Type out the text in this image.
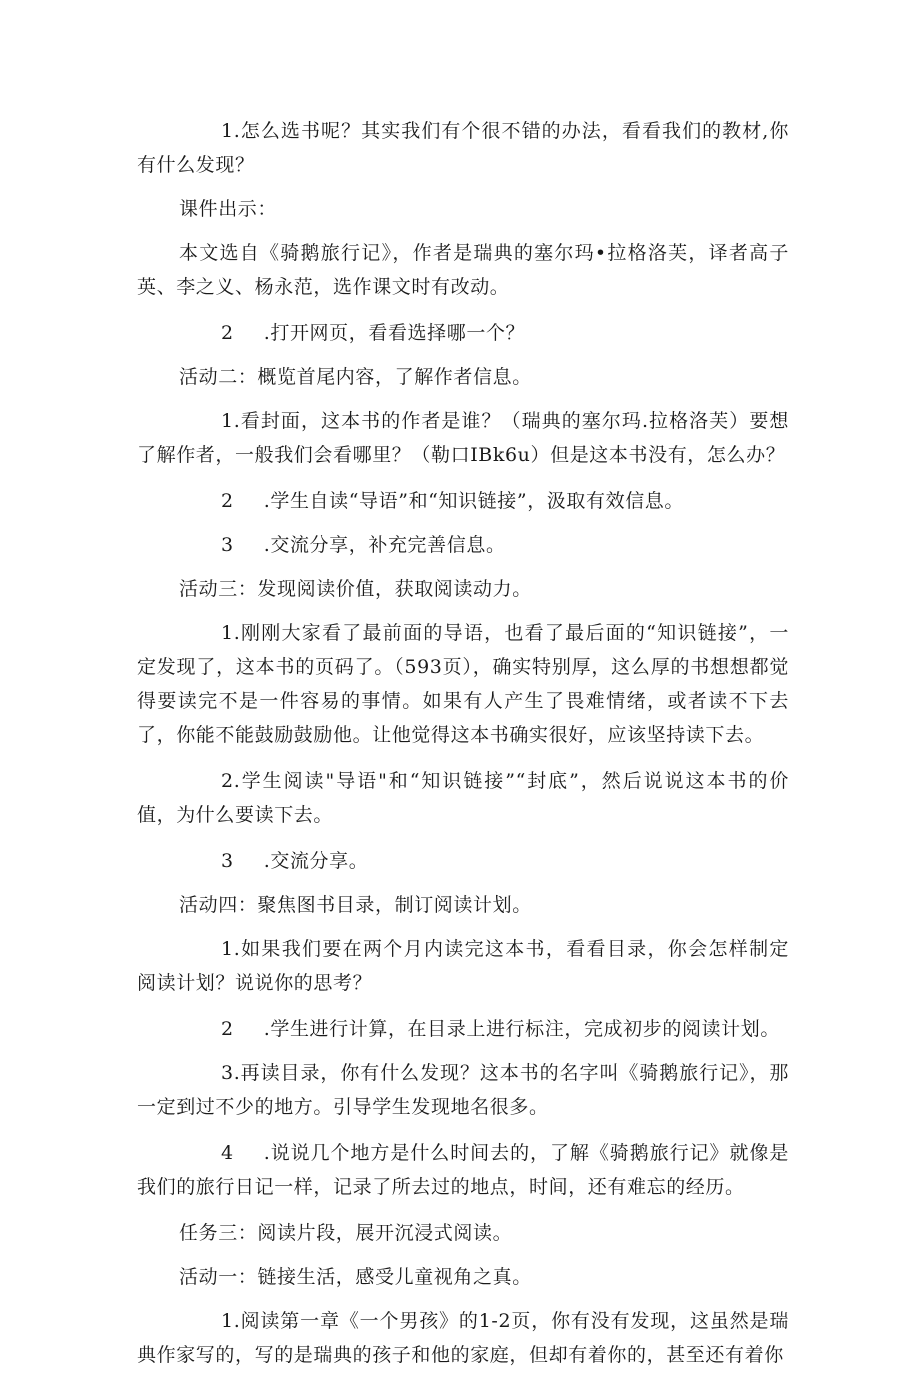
1.怎么选书呢？其实我们有个很不错的办法，看看我们的教材,你有什么发现？

课件出示：

本文选自《骑鹅旅行记》，作者是瑞典的塞尔玛•拉格洛芙，译者高子英、李之义、杨永范，选作课文时有改动。

2 .打开网页，看看选择哪一个？

活动二：概览首尾内容，了解作者信息。

1.看封面，这本书的作者是谁？（瑞典的塞尔玛.拉格洛芙）要想了解作者，一般我们会看哪里？（勒口IBk6u）但是这本书没有，怎么办？

2 .学生自读“导语”和“知识链接”，汲取有效信息。

3 .交流分享，补充完善信息。

活动三：发现阅读价值，获取阅读动力。

1.刚刚大家看了最前面的导语，也看了最后面的“知识链接”，一定发现了，这本书的页码了。（593页），确实特别厚，这么厚的书想想都觉得要读完不是一件容易的事情。如果有人产生了畏难情绪，或者读不下去了，你能不能鼓励鼓励他。让他觉得这本书确实很好，应该坚持读下去。

2.学生阅读"导语"和“知识链接”“封底”，然后说说这本书的价值，为什么要读下去。

3 .交流分享。

活动四：聚焦图书目录，制订阅读计划。

1.如果我们要在两个月内读完这本书，看看目录，你会怎样制定阅读计划？说说你的思考？

2 .学生进行计算，在目录上进行标注，完成初步的阅读计划。

3.再读目录，你有什么发现？这本书的名字叫《骑鹅旅行记》，那一定到过不少的地方。引导学生发现地名很多。

4 .说说几个地方是什么时间去的，了解《骑鹅旅行记》就像是我们的旅行日记一样，记录了所去过的地点，时间，还有难忘的经历。

任务三：阅读片段，展开沉浸式阅读。

活动一：链接生活，感受儿童视角之真。

1.阅读第一章《一个男孩》的1-2页，你有没有发现，这虽然是瑞典作家写的，写的是瑞典的孩子和他的家庭，但却有着你的，甚至还有着你
